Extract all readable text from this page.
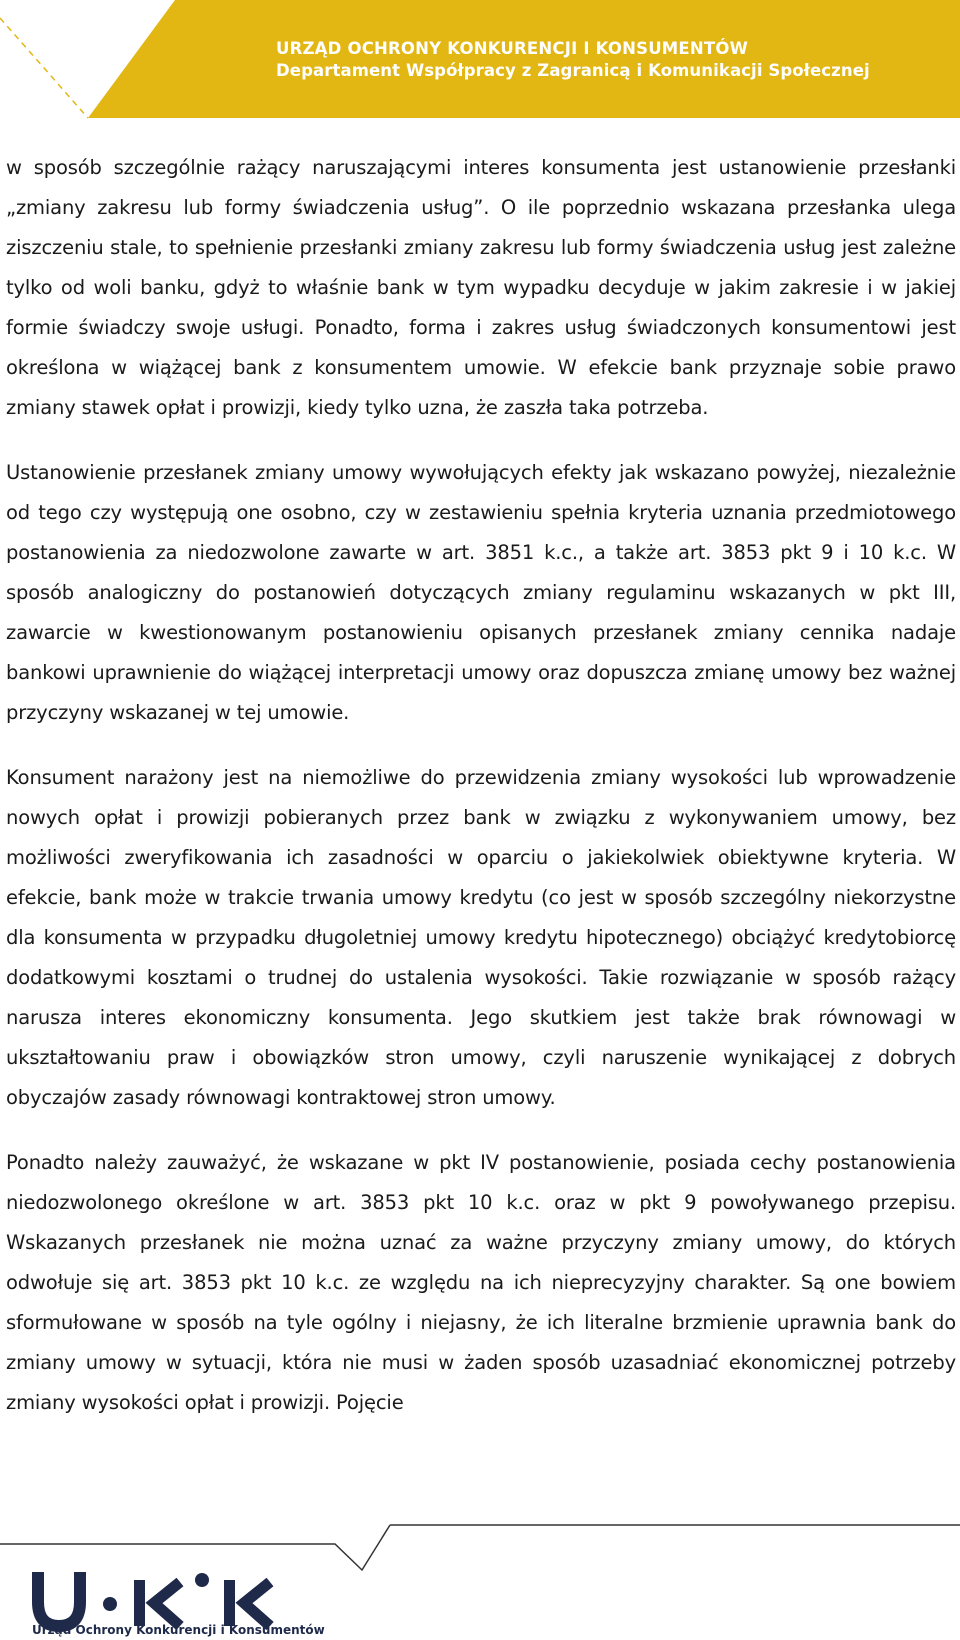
URZĄD OCHRONY KONKURENCJI I KONSUMENTÓW
Departament Współpracy z Zagranicą i Komunikacji Społecznej

w sposób szczególnie rażący naruszającymi interes konsumenta jest ustanowienie przesłanki „zmiany zakresu lub formy świadczenia usług”. O ile poprzednio wskazana przesłanka ulega ziszczeniu stale, to spełnienie przesłanki zmiany zakresu lub formy świadczenia usług jest zależne tylko od woli banku, gdyż to właśnie bank w tym wypadku decyduje w jakim zakresie i w jakiej formie świadczy swoje usługi. Ponadto, forma i zakres usług świadczonych konsumentowi jest określona w wiążącej bank z konsumentem umowie. W efekcie bank przyznaje sobie prawo zmiany stawek opłat i prowizji, kiedy tylko uzna, że zaszła taka potrzeba.

Ustanowienie przesłanek zmiany umowy wywołujących efekty jak wskazano powyżej, niezależnie od tego czy występują one osobno, czy w zestawieniu spełnia kryteria uznania przedmiotowego postanowienia za niedozwolone zawarte w art. 3851 k.c., a także art. 3853 pkt 9 i 10 k.c. W sposób analogiczny do postanowień dotyczących zmiany regulaminu wskazanych w pkt III, zawarcie w kwestionowanym postanowieniu opisanych przesłanek zmiany cennika nadaje bankowi uprawnienie do wiążącej interpretacji umowy oraz dopuszcza zmianę umowy bez ważnej przyczyny wskazanej w tej umowie.

Konsument narażony jest na niemożliwe do przewidzenia zmiany wysokości lub wprowadzenie nowych opłat i prowizji pobieranych przez bank w związku z wykonywaniem umowy, bez możliwości zweryfikowania ich zasadności w oparciu o jakiekolwiek obiektywne kryteria. W efekcie, bank może w trakcie trwania umowy kredytu (co jest w sposób szczególny niekorzystne dla konsumenta w przypadku długoletniej umowy kredytu hipotecznego) obciążyć kredytobiorcę dodatkowymi kosztami o trudnej do ustalenia wysokości. Takie rozwiązanie w sposób rażący narusza interes ekonomiczny konsumenta. Jego skutkiem jest także brak równowagi w ukształtowaniu praw i obowiązków stron umowy, czyli naruszenie wynikającej z dobrych obyczajów zasady równowagi kontraktowej stron umowy.

Ponadto należy zauważyć, że wskazane w pkt IV postanowienie, posiada cechy postanowienia niedozwolonego określone w art. 3853 pkt 10 k.c. oraz w pkt 9 powoływanego przepisu. Wskazanych przesłanek nie można uznać za ważne przyczyny zmiany umowy, do których odwołuje się art. 3853 pkt 10 k.c. ze względu na ich nieprecyzyjny charakter. Są one bowiem sformułowane w sposób na tyle ogólny i niejasny, że ich literalne brzmienie uprawnia bank do zmiany umowy w sytuacji, która nie musi w żaden sposób uzasadniać ekonomicznej potrzeby zmiany wysokości opłat i prowizji. Pojęcie

U·K·K
Urząd Ochrony Konkurencji i Konsumentów
